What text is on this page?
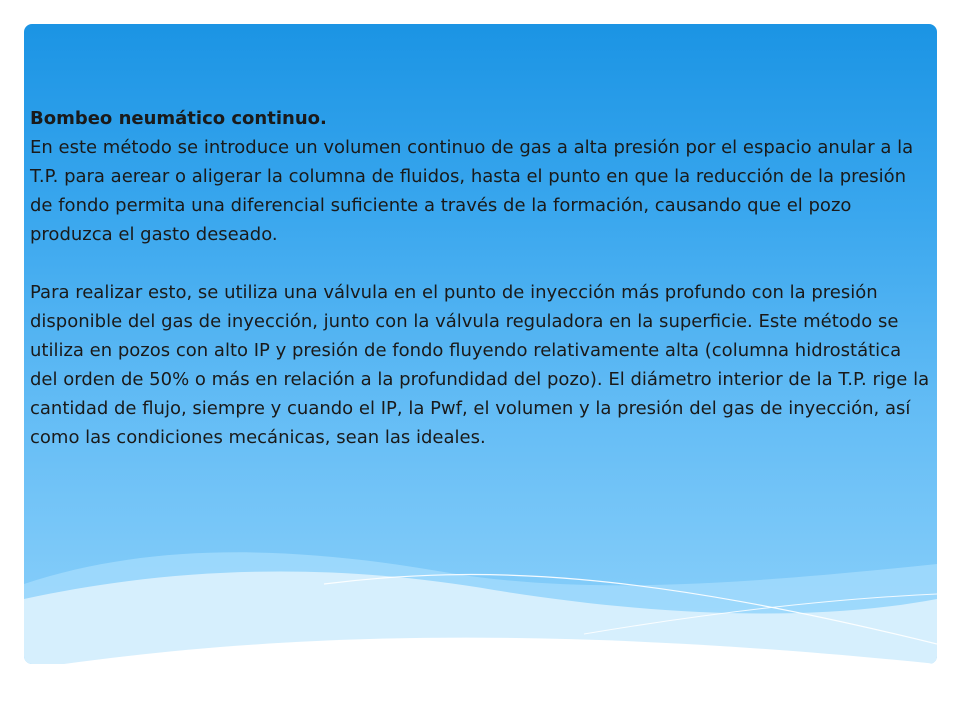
Bombeo neumático continuo.

En este método se introduce un volumen continuo de gas a alta presión por el espacio anular a la T.P. para aerear o aligerar la columna de fluidos, hasta el punto en que la reducción de la presión de fondo permita una diferencial suficiente a través de la formación, causando que el pozo produzca el gasto deseado.

Para realizar esto, se utiliza una válvula en el punto de inyección más profundo con la presión disponible del gas de inyección, junto con la válvula reguladora en la superficie. Este método se utiliza en pozos con alto IP y presión de fondo fluyendo relativamente alta (columna hidrostática del orden de 50% o más en relación a la profundidad del pozo). El diámetro interior de la T.P. rige la cantidad de flujo, siempre y cuando el IP, la Pwf, el volumen y la presión del gas de inyección, así como las condiciones mecánicas, sean las ideales.
